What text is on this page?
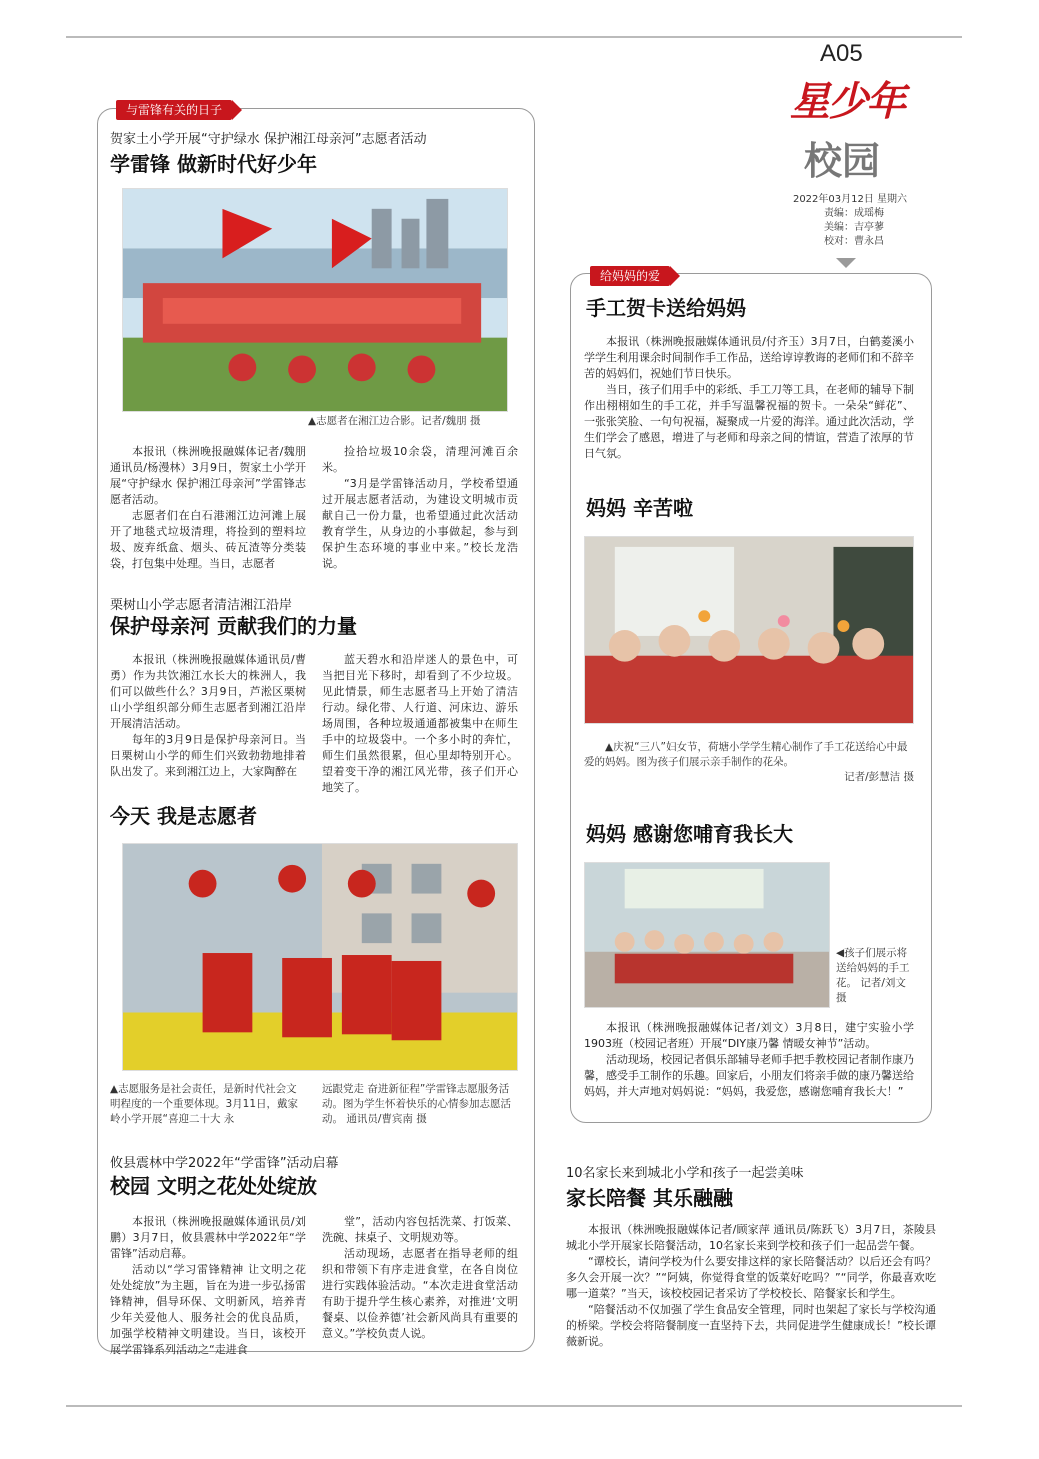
A05
星少年
校园
2022年03月12日 星期六
责编：成瑶梅
美编：吉亭蓼
校对：曹永昌
与雷锋有关的日子
贺家土小学开展“守护绿水 保护湘江母亲河”志愿者活动
学雷锋 做新时代好少年
▲志愿者在湘江边合影。记者/魏朋 摄

本报讯（株洲晚报融媒体记者/魏朋 通讯员/杨漫林）3月9日，贺家土小学开展“守护绿水 保护湘江母亲河”学雷锋志愿者活动。

志愿者们在白石港湘江边河滩上展开了地毯式垃圾清理，将捡到的塑料垃圾、废弃纸盒、烟头、砖瓦渣等分类装袋，打包集中处理。当日，志愿者

捡拾垃圾10余袋，清理河滩百余米。

“3月是学雷锋活动月，学校希望通过开展志愿者活动，为建设文明城市贡献自己一份力量，也希望通过此次活动教育学生，从身边的小事做起，参与到保护生态环境的事业中来。”校长龙浩说。

栗树山小学志愿者清洁湘江沿岸
保护母亲河 贡献我们的力量

本报讯（株洲晚报融媒体通讯员/曹勇）作为共饮湘江水长大的株洲人，我们可以做些什么？3月9日，芦淞区栗树山小学组织部分师生志愿者到湘江沿岸开展清洁活动。

每年的3月9日是保护母亲河日。当日栗树山小学的师生们兴致勃勃地排着队出发了。来到湘江边上，大家陶醉在

蓝天碧水和沿岸迷人的景色中，可当把目光下移时，却看到了不少垃圾。见此情景，师生志愿者马上开始了清洁行动。绿化带、人行道、河床边、游乐场周围，各种垃圾通通都被集中在师生手中的垃圾袋中。一个多小时的奔忙，师生们虽然很累，但心里却特别开心。望着变干净的湘江风光带，孩子们开心地笑了。
今天 我是志愿者
▲志愿服务是社会责任，是新时代社会文明程度的一个重要体现。3月11日，戴家岭小学开展“喜迎二十大 永
远跟党走 奋进新征程”学雷锋志愿服务活动。图为学生怀着快乐的心情参加志愿活动。 通讯员/曹宾南 摄
攸县震林中学2022年“学雷锋”活动启幕
校园 文明之花处处绽放

本报讯（株洲晚报融媒体通讯员/刘鹏）3月7日，攸县震林中学2022年“学雷锋”活动启幕。

活动以“学习雷锋精神 让文明之花处处绽放”为主题，旨在为进一步弘扬雷锋精神，倡导环保、文明新风，培养青少年关爱他人、服务社会的优良品质，加强学校精神文明建设。当日，该校开展学雷锋系列活动之“走进食

堂”，活动内容包括洗菜、打饭菜、洗碗、抹桌子、文明规劝等。

活动现场，志愿者在指导老师的组织和带领下有序走进食堂，在各自岗位进行实践体验活动。“本次走进食堂活动有助于提升学生核心素养，对推进‘文明餐桌、以俭养德’社会新风尚具有重要的意义。”学校负责人说。

给妈妈的爱
手工贺卡送给妈妈

本报讯（株洲晚报融媒体通讯员/付齐玉）3月7日，白鹤菱溪小学学生利用课余时间制作手工作品，送给谆谆教诲的老师们和不辞辛苦的妈妈们，祝她们节日快乐。

当日，孩子们用手中的彩纸、手工刀等工具，在老师的辅导下制作出栩栩如生的手工花，并手写温馨祝福的贺卡。一朵朵“鲜花”、一张张笑脸、一句句祝福，凝聚成一片爱的海洋。通过此次活动，学生们学会了感恩，增进了与老师和母亲之间的情谊，营造了浓厚的节日气氛。

妈妈 辛苦啦
▲庆祝“三八”妇女节，荷塘小学学生精心制作了手工花送给心中最爱的妈妈。图为孩子们展示亲手制作的花朵。
记者/彭慧洁 摄
妈妈 感谢您哺育我长大
◀孩子们展示将送给妈妈的手工花。 记者/刘文 摄

本报讯（株洲晚报融媒体记者/刘文）3月8日，建宁实验小学1903班（校园记者班）开展“DIY康乃馨 情暖女神节”活动。

活动现场，校园记者俱乐部辅导老师手把手教校园记者制作康乃馨，感受手工制作的乐趣。回家后，小朋友们将亲手做的康乃馨送给妈妈，并大声地对妈妈说：“妈妈，我爱您，感谢您哺育我长大！”

10名家长来到城北小学和孩子一起尝美味
家长陪餐 其乐融融

本报讯（株洲晚报融媒体记者/顾家萍 通讯员/陈跃飞）3月7日，茶陵县城北小学开展家长陪餐活动，10名家长来到学校和孩子们一起品尝午餐。

“谭校长，请问学校为什么要安排这样的家长陪餐活动？以后还会有吗？多久会开展一次？”“阿姨，你觉得食堂的饭菜好吃吗？”“同学，你最喜欢吃哪一道菜？”当天，该校校园记者采访了学校校长、陪餐家长和学生。

“陪餐活动不仅加强了学生食品安全管理，同时也架起了家长与学校沟通的桥梁。学校会将陪餐制度一直坚持下去，共同促进学生健康成长！”校长谭薇新说。
